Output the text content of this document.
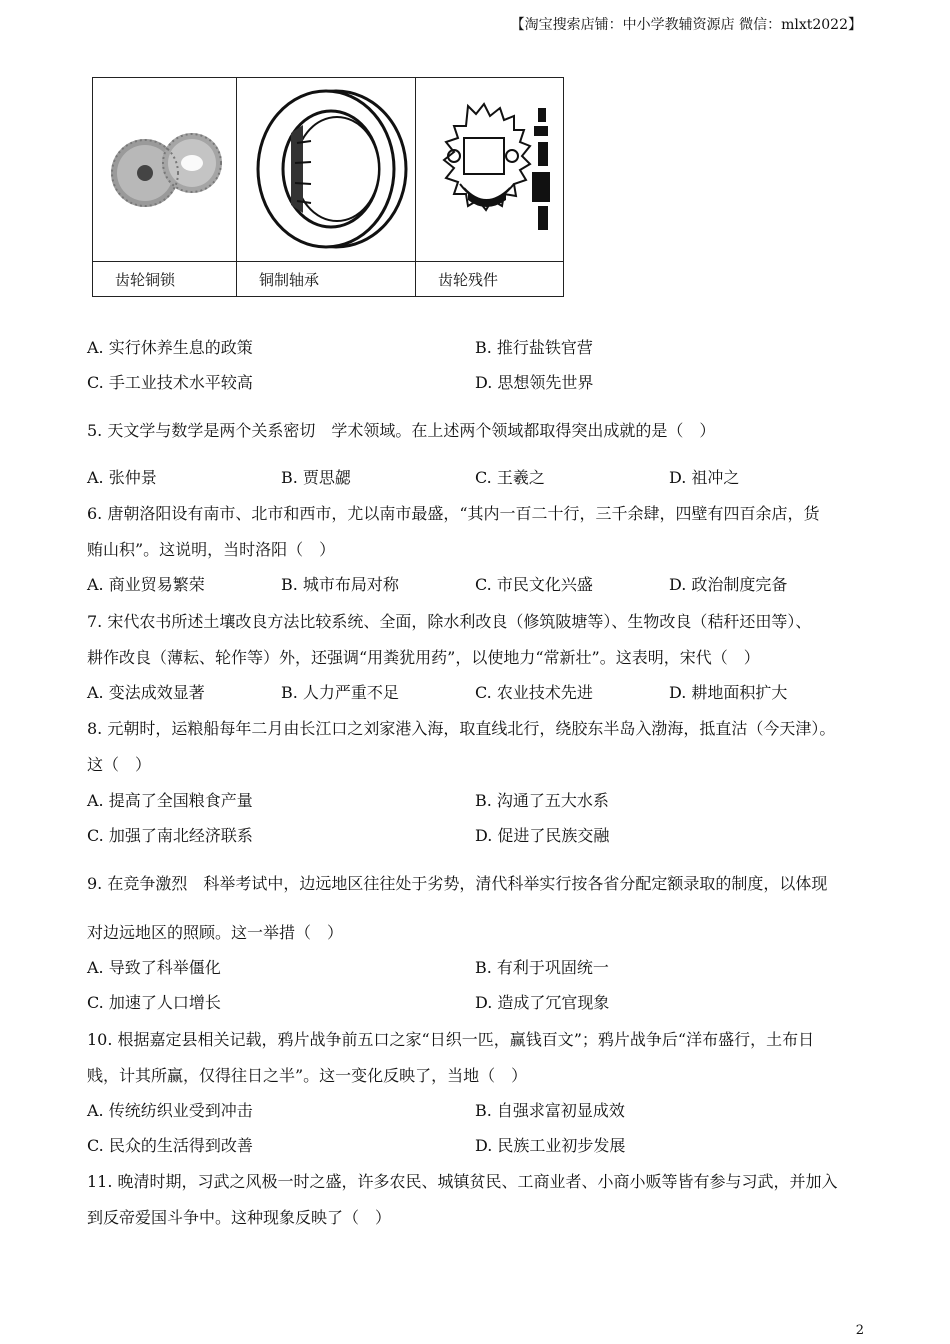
【淘宝搜索店铺：中小学教辅资源店 微信：mlxt2022】

齿轮铜锁	铜制轴承	齿轮残件
A. 实行休养生息的政策	B. 推行盐铁官营
C. 手工业技术水平较高	D. 思想领先世界
5. 天文学与数学是两个关系密切　学术领域。在上述两个领域都取得突出成就的是（　）
A. 张仲景	B. 贾思勰	C. 王羲之	D. 祖冲之
6. 唐朝洛阳设有南市、北市和西市，尤以南市最盛，“其内一百二十行，三千余肆，四壁有四百余店，货
贿山积”。这说明，当时洛阳（　）
A. 商业贸易繁荣	B. 城市布局对称	C. 市民文化兴盛	D. 政治制度完备
7. 宋代农书所述土壤改良方法比较系统、全面，除水利改良（修筑陂塘等）、生物改良（秸秆还田等）、
耕作改良（薄耘、轮作等）外，还强调“用粪犹用药”，以使地力“常新壮”。这表明，宋代（　）
A. 变法成效显著	B. 人力严重不足	C. 农业技术先进	D. 耕地面积扩大
8. 元朝时，运粮船每年二月由长江口之刘家港入海，取直线北行，绕胶东半岛入渤海，抵直沽（今天津）。
这（　）
A. 提高了全国粮食产量	B. 沟通了五大水系
C. 加强了南北经济联系	D. 促进了民族交融
9. 在竞争激烈　科举考试中，边远地区往往处于劣势，清代科举实行按各省分配定额录取的制度，以体现
对边远地区的照顾。这一举措（　）
A. 导致了科举僵化	B. 有利于巩固统一
C. 加速了人口增长	D. 造成了冗官现象
10. 根据嘉定县相关记载，鸦片战争前五口之家“日织一匹，赢钱百文”；鸦片战争后“洋布盛行，土布日
贱，计其所赢，仅得往日之半”。这一变化反映了，当地（　）
A. 传统纺织业受到冲击	B. 自强求富初显成效
C. 民众的生活得到改善	D. 民族工业初步发展
11. 晚清时期，习武之风极一时之盛，许多农民、城镇贫民、工商业者、小商小贩等皆有参与习武，并加入
到反帝爱国斗争中。这种现象反映了（　）
2
